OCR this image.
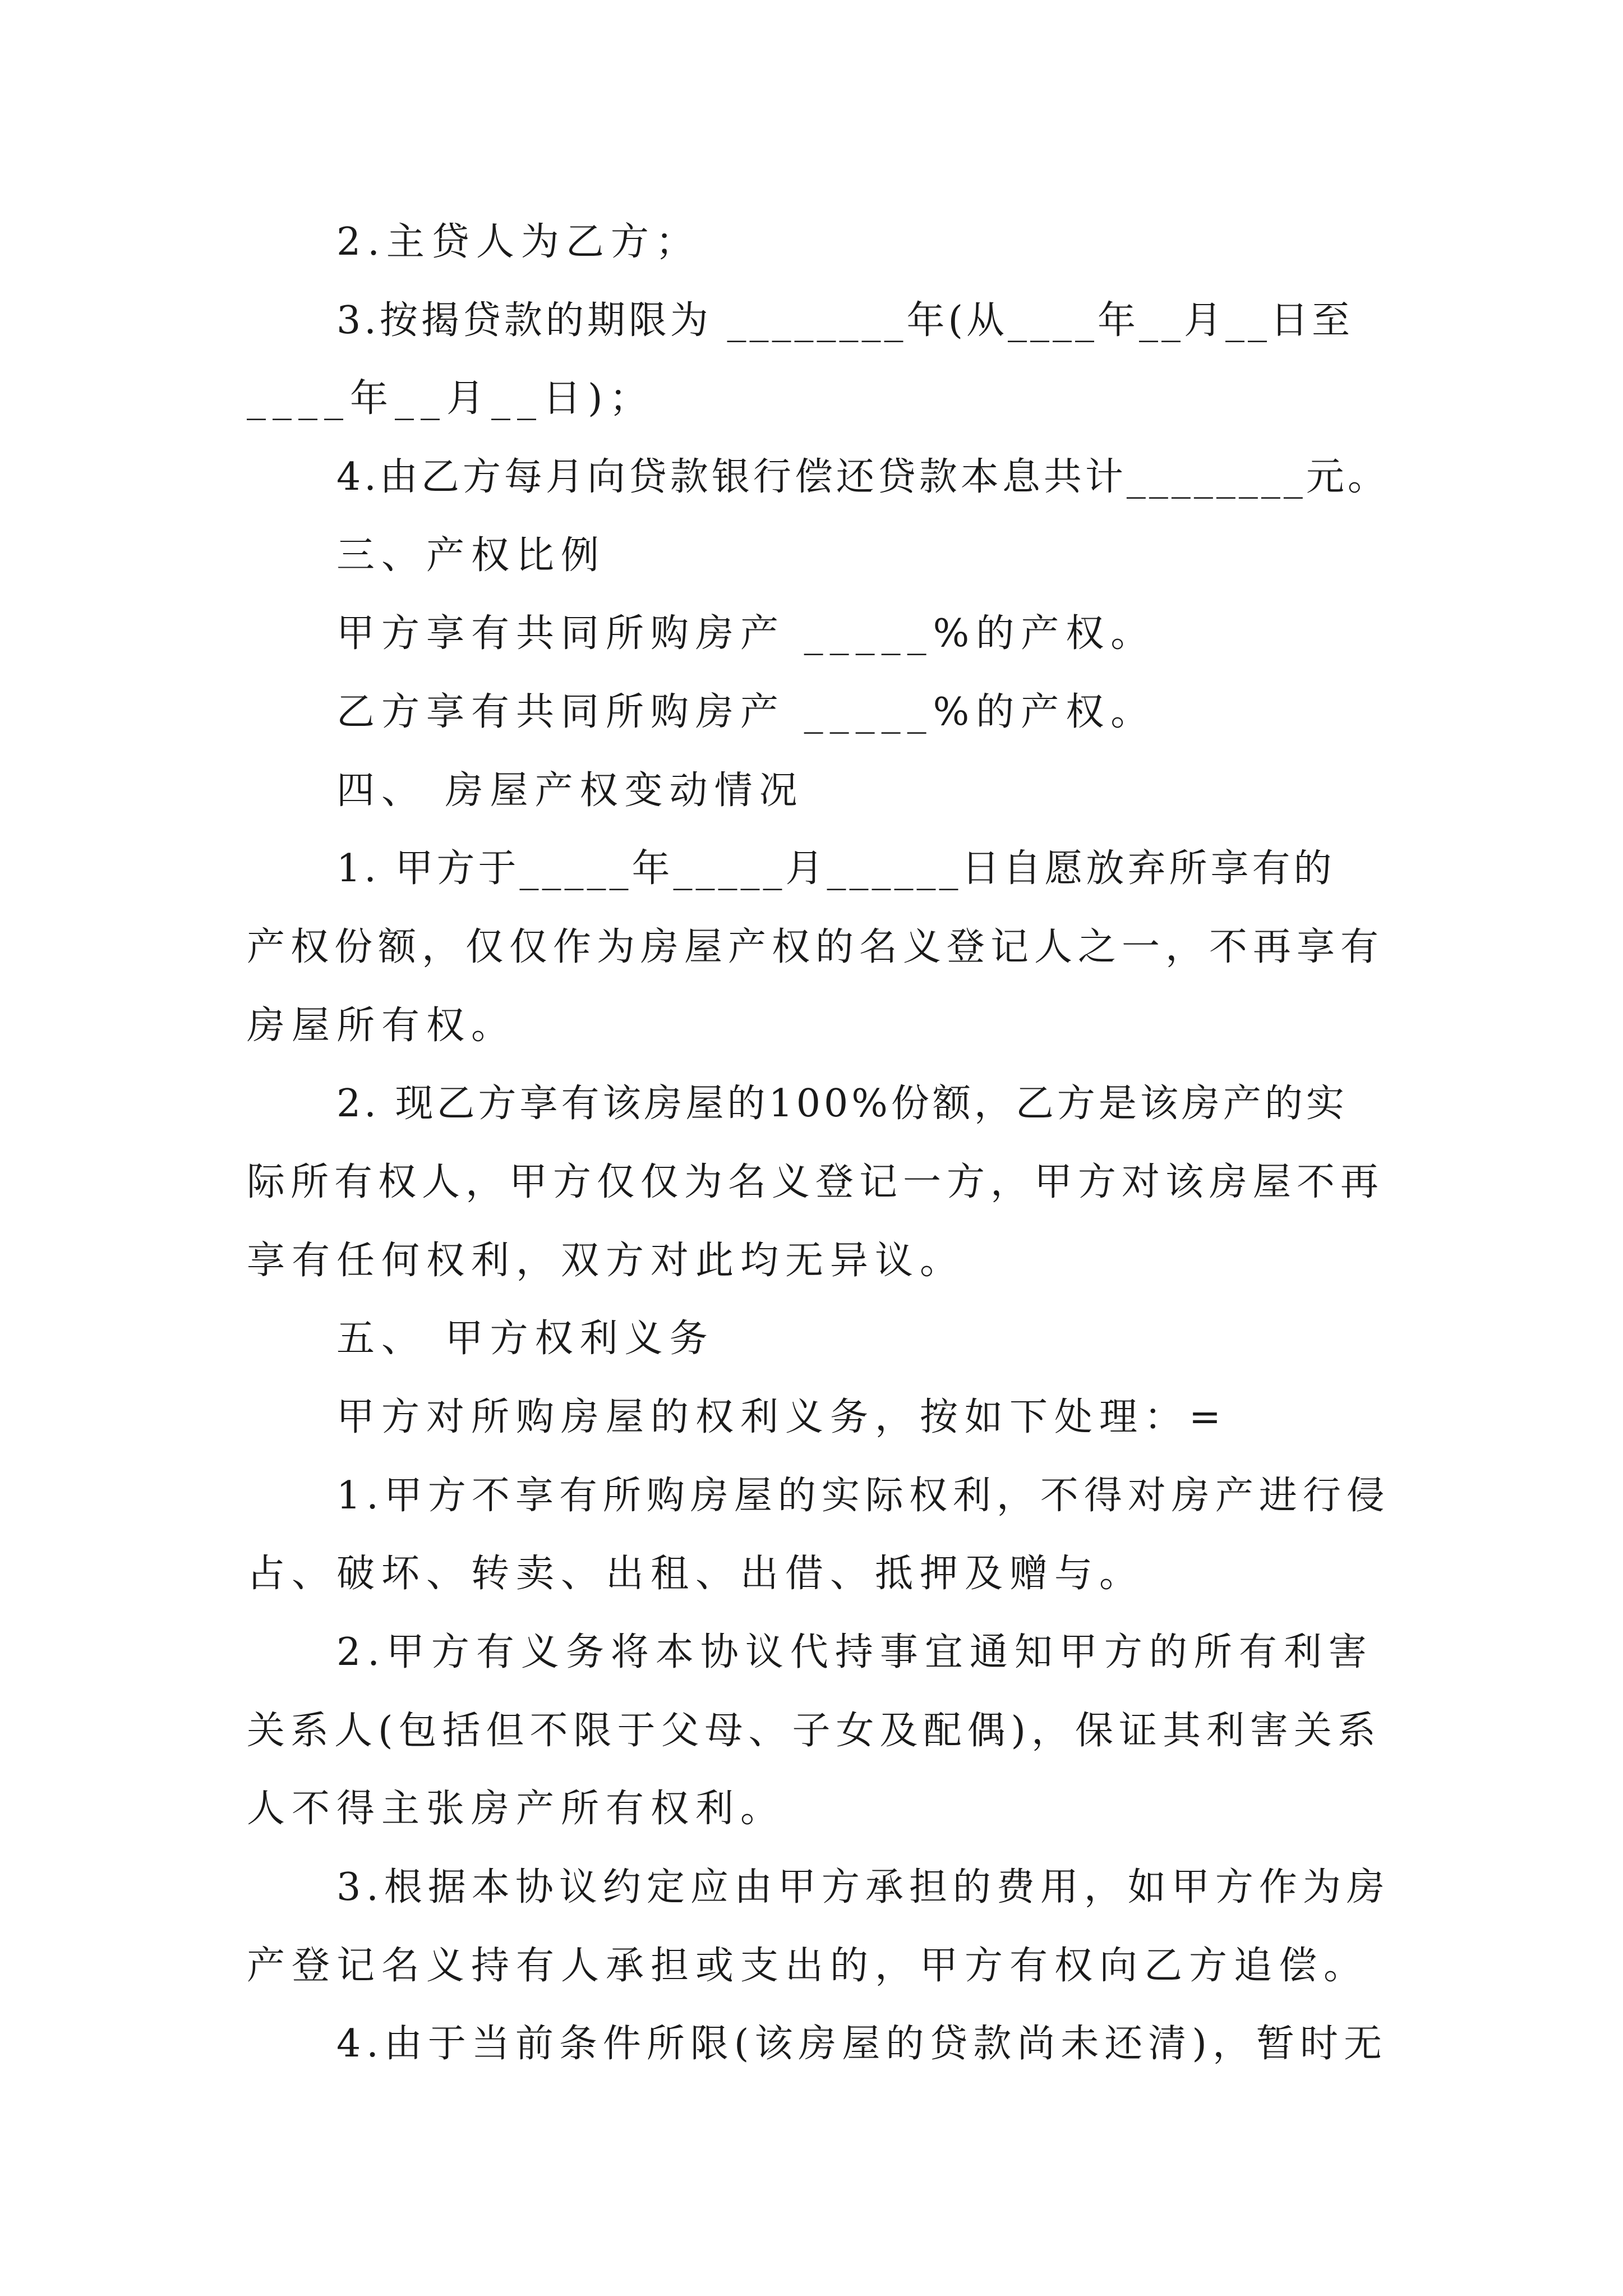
2.主贷人为乙方；
3.按揭贷款的期限为 ________年(从____年__月__日至
____年__月__日)；
4.由乙方每月向贷款银行偿还贷款本息共计________元。
三、产权比例
甲方享有共同所购房产 _____%的产权。
乙方享有共同所购房产 _____%的产权。
四、 房屋产权变动情况
1. 甲方于_____年_____月______日自愿放弃所享有的
产权份额，仅仅作为房屋产权的名义登记人之一，不再享有
房屋所有权。
2. 现乙方享有该房屋的100%份额，乙方是该房产的实
际所有权人，甲方仅仅为名义登记一方，甲方对该房屋不再
享有任何权利，双方对此均无异议。
五、 甲方权利义务
甲方对所购房屋的权利义务，按如下处理：=
1.甲方不享有所购房屋的实际权利，不得对房产进行侵
占、破坏、转卖、出租、出借、抵押及赠与。
2.甲方有义务将本协议代持事宜通知甲方的所有利害
关系人(包括但不限于父母、子女及配偶)，保证其利害关系
人不得主张房产所有权利。
3.根据本协议约定应由甲方承担的费用，如甲方作为房
产登记名义持有人承担或支出的，甲方有权向乙方追偿。
4.由于当前条件所限(该房屋的贷款尚未还清)，暂时无
